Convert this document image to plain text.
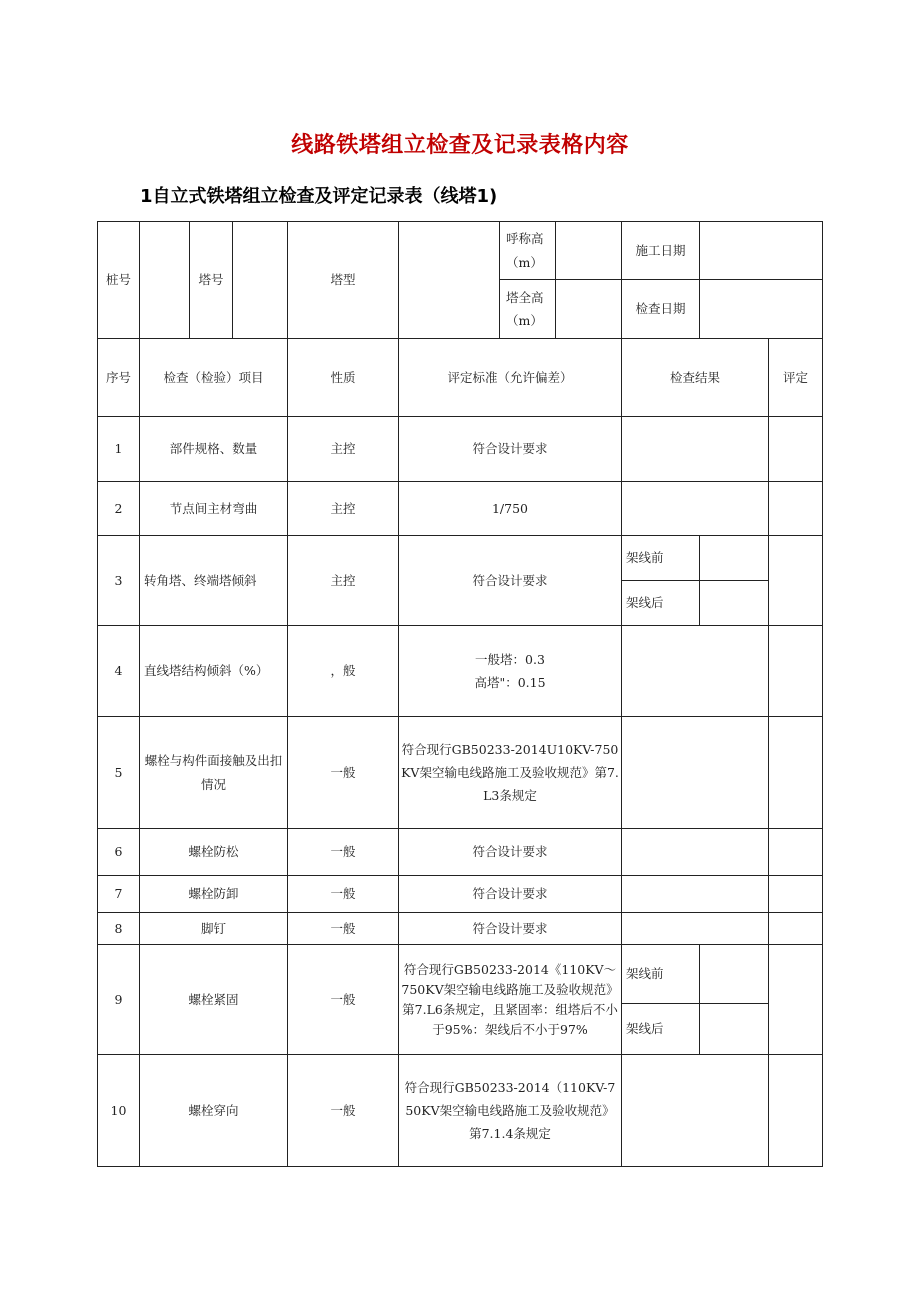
线路铁塔组立检查及记录表格内容
1自立式铁塔组立检查及评定记录表（线塔1)
桩号		塔号		塔型		呼称高（m）		施工日期		
						塔全高（m）		检查日期		
序号	检查（检验）项目			性质	评定标准（允许偏差）			检查结果		评定
1	部件规格、数量			主控	符合设计要求					
2	节点间主材弯曲			主控	1/750					
3	转角塔、终端塔倾斜			主控	符合设计要求			架线前		
								架线后		
4	直线塔结构倾斜（%）			，般	一般塔：0.3
高塔"：0.15					

5	螺栓与构件面接触及出扣情况			一般	符合现行GB50233-2014U10KV-750KV架空输电线路施工及验收规范》第7.L3条规定					
6	螺栓防松			一般	符合设计要求					
7	螺栓防卸			一般	符合设计要求					
8	脚钉			一般	符合设计要求					
9	螺栓紧固			一般	符合现行GB50233-2014《110KV～750KV架空输电线路施工及验收规范》第7.L6条规定，且紧固率：组塔后不小于95%：架线后不小于97%			架线前		
								架线后		
10	螺栓穿向			一般	符合现行GB50233-2014（110KV-750KV架空输电线路施工及验收规范》第7.1.4条规定					
